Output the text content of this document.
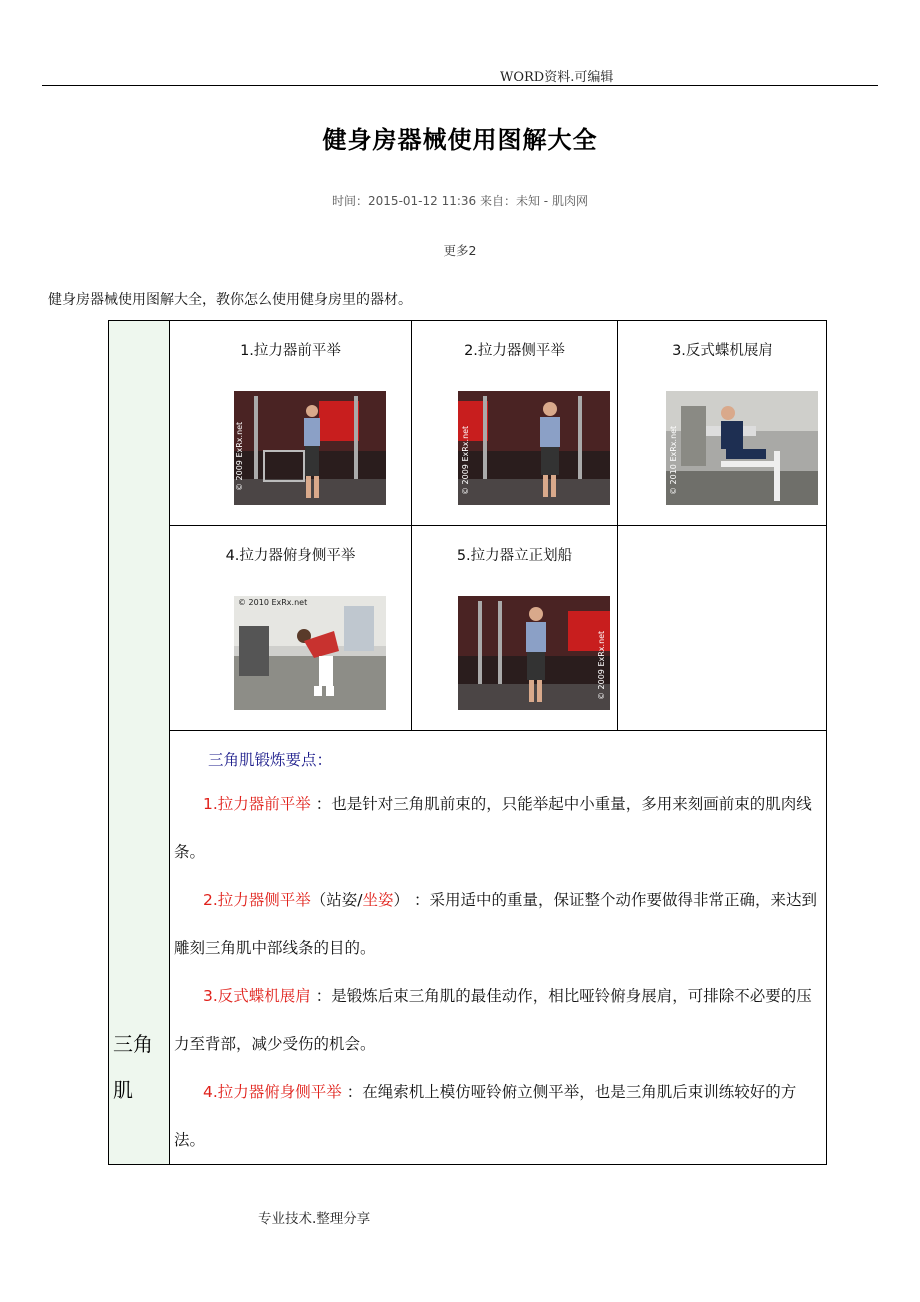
WORD资料.可编辑
健身房器械使用图解大全
时间：2015-01-12 11:36 来自：未知 - 肌肉网
更多2
健身房器械使用图解大全，教你怎么使用健身房里的器材。
三角
肌
1.拉力器前平举
© 2009 ExRx.net
2.拉力器侧平举
© 2009 ExRx.net
3.反式蝶机展肩
© 2010 ExRx.net
4.拉力器俯身侧平举
© 2010 ExRx.net
5.拉力器立正划船
© 2009 ExRx.net
三角肌锻炼要点：
1.拉力器前平举 ：也是针对三角肌前束的，只能举起中小重量，多用来刻画前束的肌肉线条。
2.拉力器侧平举（站姿/坐姿） ：采用适中的重量，保证整个动作要做得非常正确，来达到雕刻三角肌中部线条的目的。
3.反式蝶机展肩 ：是锻炼后束三角肌的最佳动作，相比哑铃俯身展肩，可排除不必要的压力至背部，减少受伤的机会。
4.拉力器俯身侧平举 ：在绳索机上模仿哑铃俯立侧平举，也是三角肌后束训练较好的方法。
专业技术.整理分享
